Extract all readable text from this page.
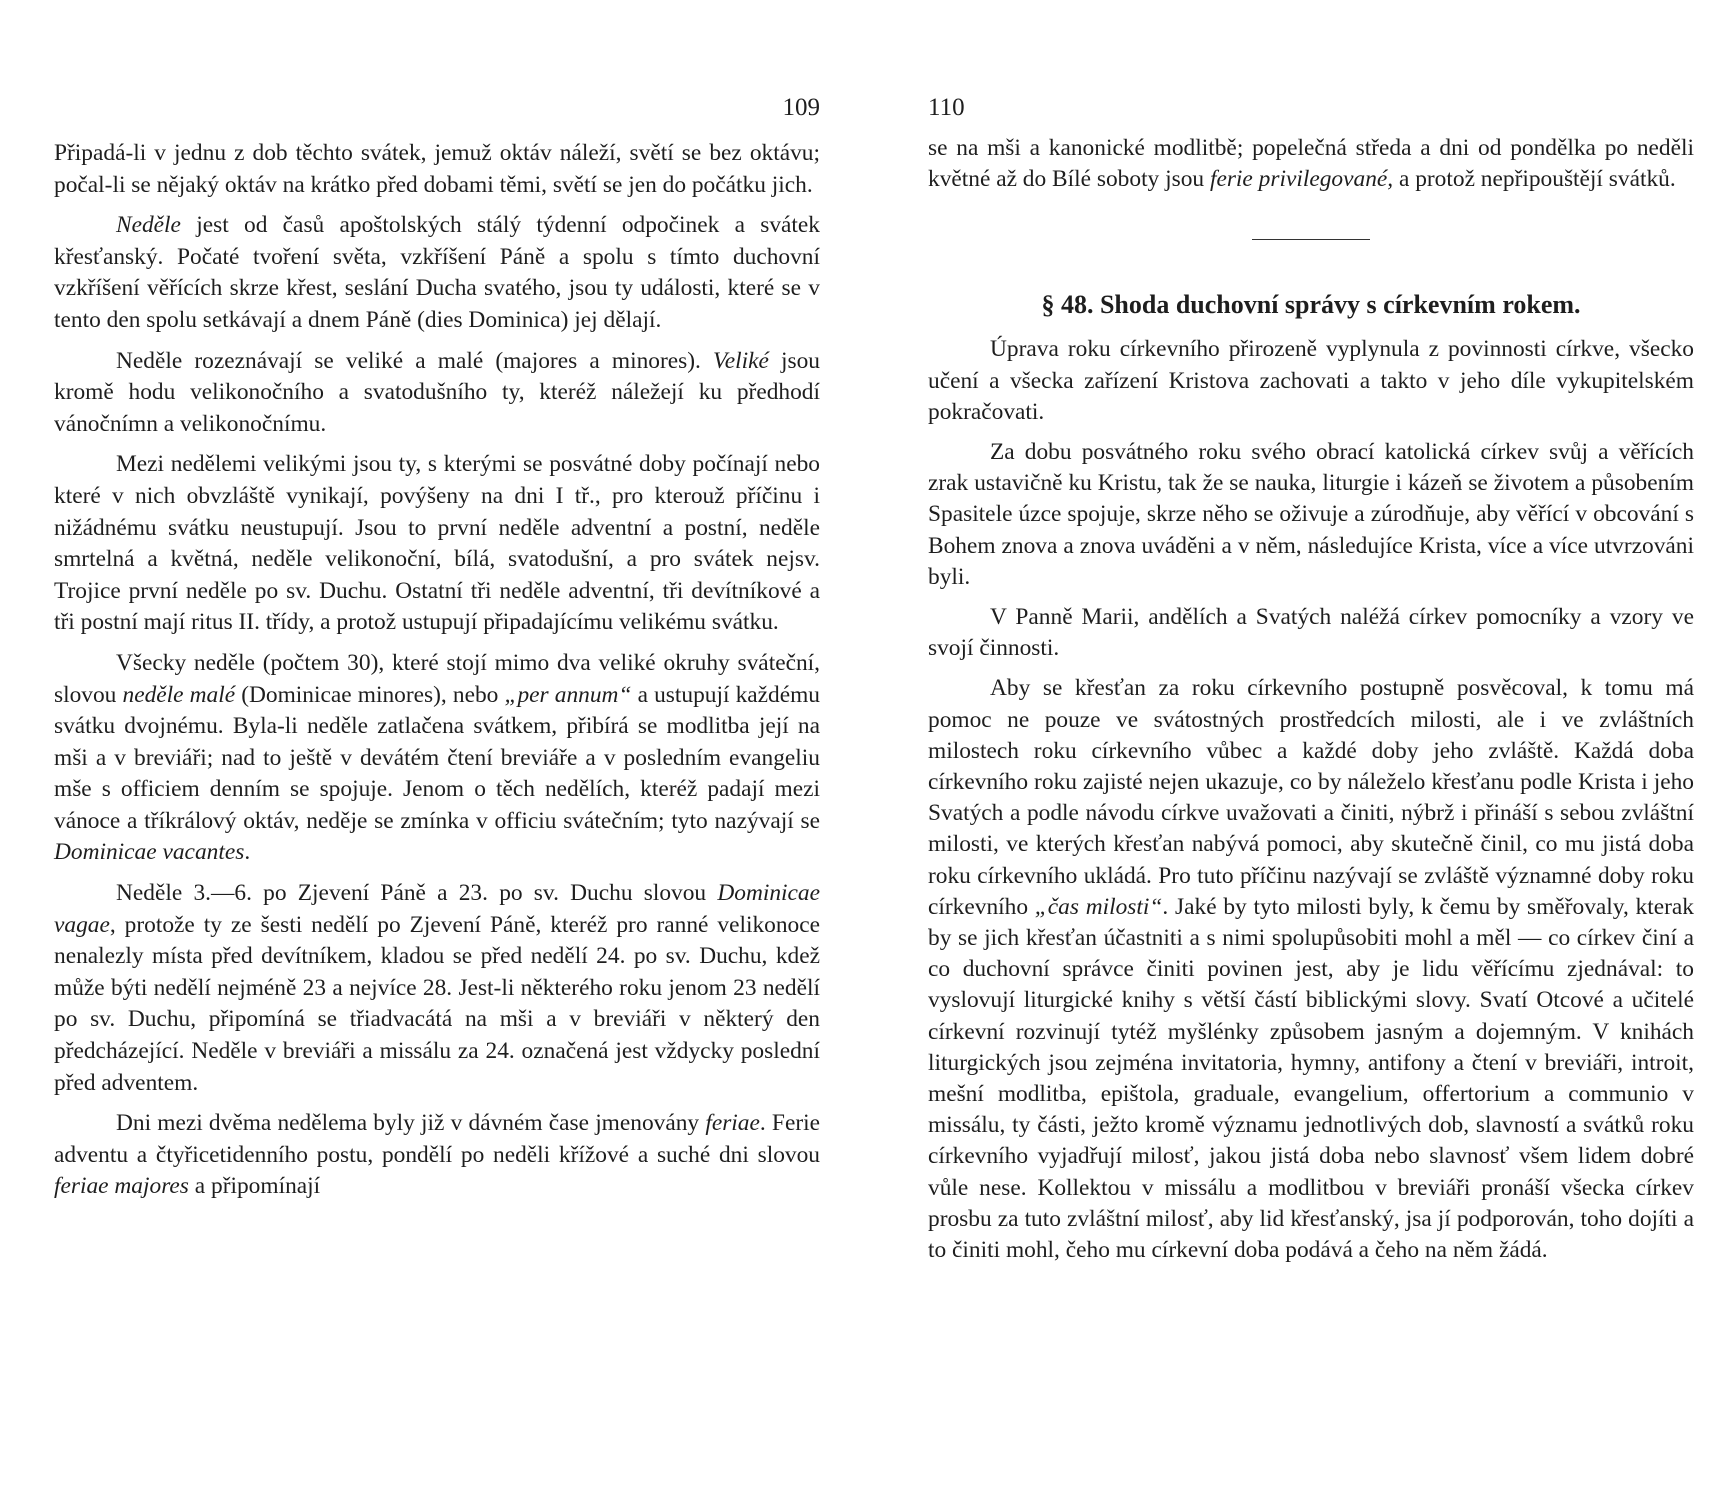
109

Připadá-li v jednu z dob těchto svátek, jemuž oktáv náleží, světí se bez oktávu; počal-li se nějaký oktáv na krátko před dobami těmi, světí se jen do počátku jich.

Neděle jest od časů apoštolských stálý týdenní odpočinek a svátek křesťanský. Počaté tvoření světa, vzkříšení Páně a spolu s tímto duchovní vzkříšení věřících skrze křest, seslání Ducha svatého, jsou ty události, které se v tento den spolu setkávají a dnem Páně (dies Dominica) jej dělají.

Neděle rozeznávají se veliké a malé (majores a minores). Veliké jsou kromě hodu velikonočního a svatodušního ty, kteréž náležejí ku předhodí vánočnímn a velikonočnímu.

Mezi nedělemi velikými jsou ty, s kterými se posvátné doby počínají nebo které v nich obvzláště vynikají, povýšeny na dni I tř., pro kterouž příčinu i nižádnému svátku neustupují. Jsou to první neděle adventní a postní, neděle smrtelná a květná, neděle velikonoční, bílá, svatodušní, a pro svátek nejsv. Trojice první neděle po sv. Duchu. Ostatní tři neděle adventní, tři devítníkové a tři postní mají ritus II. třídy, a protož ustupují připadajícímu velikému svátku.

Všecky neděle (počtem 30), které stojí mimo dva veliké okruhy sváteční, slovou neděle malé (Dominicae minores), nebo „per annum“ a ustupují každému svátku dvojnému. Byla-li neděle zatlačena svátkem, přibírá se modlitba její na mši a v breviáři; nad to ještě v devátém čtení breviáře a v posledním evangeliu mše s officiem denním se spojuje. Jenom o těch nedělích, kteréž padají mezi vánoce a tříkrálový oktáv, neděje se zmínka v officiu svátečním; tyto nazývají se Dominicae vacantes.

Neděle 3.—6. po Zjevení Páně a 23. po sv. Duchu slovou Dominicae vagae, protože ty ze šesti nedělí po Zjevení Páně, kteréž pro ranné velikonoce nenalezly místa před devítníkem, kladou se před nedělí 24. po sv. Duchu, kdež může býti nedělí nejméně 23 a nejvíce 28. Jest-li některého roku jenom 23 nedělí po sv. Duchu, připomíná se třiadvacátá na mši a v breviáři v některý den předcházející. Neděle v breviáři a missálu za 24. označená jest vždycky poslední před adventem.

Dni mezi dvěma nedělema byly již v dávném čase jmenovány feriae. Ferie adventu a čtyřicetidenního postu, pondělí po neděli křížové a suché dni slovou feriae majores a připomínají

110

se na mši a kanonické modlitbě; popelečná středa a dni od pondělka po neděli květné až do Bílé soboty jsou ferie privilegované, a protož nepřipouštějí svátků.

§ 48. Shoda duchovní správy s církevním rokem.

Úprava roku církevního přirozeně vyplynula z povinnosti církve, všecko učení a všecka zařízení Kristova zachovati a takto v jeho díle vykupitelském pokračovati.

Za dobu posvátného roku svého obrací katolická církev svůj a věřících zrak ustavičně ku Kristu, tak že se nauka, liturgie i kázeň se životem a působením Spasitele úzce spojuje, skrze něho se oživuje a zúrodňuje, aby věřící v obcování s Bohem znova a znova uváděni a v něm, následujíce Krista, více a více utvrzováni byli.

V Panně Marii, andělích a Svatých naléžá církev pomocníky a vzory ve svojí činnosti.

Aby se křesťan za roku církevního postupně posvěcoval, k tomu má pomoc ne pouze ve svátostných prostředcích milosti, ale i ve zvláštních milostech roku církevního vůbec a každé doby jeho zvláště. Každá doba církevního roku zajisté nejen ukazuje, co by náleželo křesťanu podle Krista i jeho Svatých a podle návodu církve uvažovati a činiti, nýbrž i přináší s sebou zvláštní milosti, ve kterých křesťan nabývá pomoci, aby skutečně činil, co mu jistá doba roku církevního ukládá. Pro tuto příčinu nazývají se zvláště významné doby roku církevního „čas milosti“. Jaké by tyto milosti byly, k čemu by směřovaly, kterak by se jich křesťan účastniti a s nimi spolupůsobiti mohl a měl — co církev činí a co duchovní správce činiti povinen jest, aby je lidu věřícímu zjednával: to vyslovují liturgické knihy s větší částí biblickými slovy. Svatí Otcové a učitelé církevní rozvinují tytéž myšlénky způsobem jasným a dojemným. V knihách liturgických jsou zejména invitatoria, hymny, antifony a čtení v breviáři, introit, mešní modlitba, epištola, graduale, evangelium, offertorium a communio v missálu, ty části, ježto kromě významu jednotlivých dob, slavností a svátků roku církevního vyjadřují milosť, jakou jistá doba nebo slavnosť všem lidem dobré vůle nese. Kollektou v missálu a modlitbou v breviáři pronáší všecka církev prosbu za tuto zvláštní milosť, aby lid křesťanský, jsa jí podporován, toho dojíti a to činiti mohl, čeho mu církevní doba podává a čeho na něm žádá.
